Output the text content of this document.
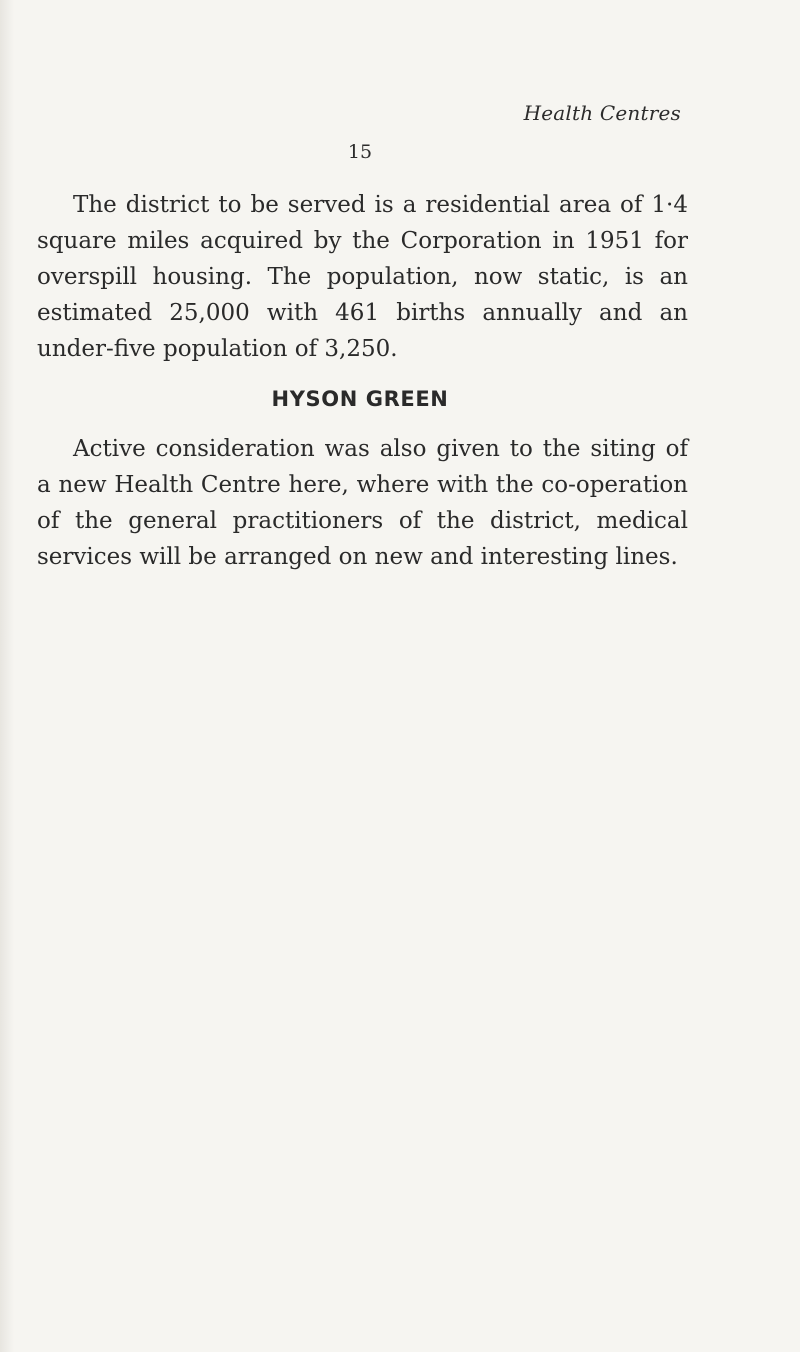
Health Centres
15

The district to be served is a residential area of 1·4 square miles acquired by the Corporation in 1951 for overspill housing. The population, now static, is an estimated 25,000 with 461 births annually and an under-five population of 3,250.

HYSON GREEN

Active consideration was also given to the siting of a new Health Centre here, where with the co-operation of the general practitioners of the district, medical services will be arranged on new and interesting lines.
